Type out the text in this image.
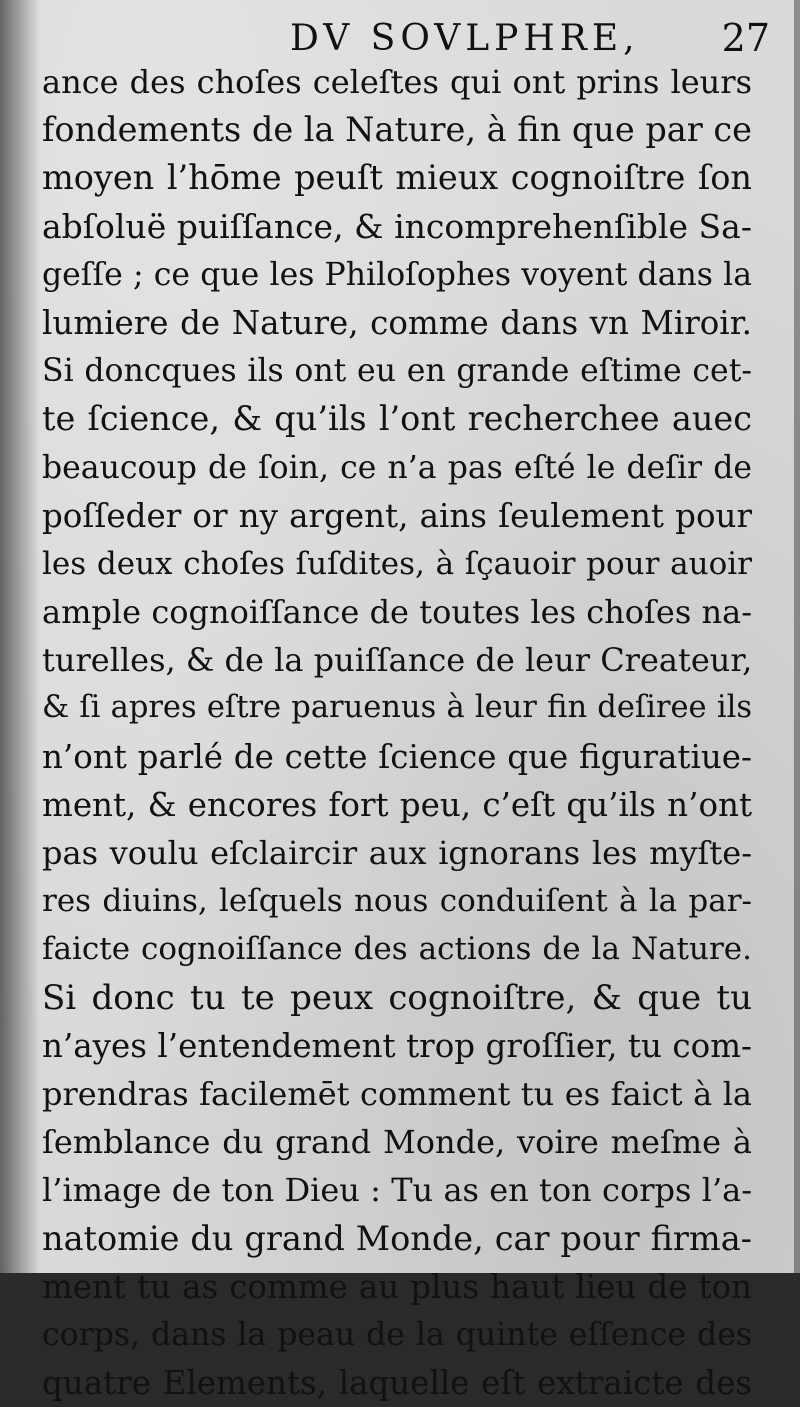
DV SOVLPHRE, 27
ance des choſes celeſtes qui ont prins leurs
fondements de la Nature, à fin que par ce
moyen l’hōme peuſt mieux cognoiſtre ſon
abſoluë puiſſance, & incomprehenſible Sa-
geſſe ; ce que les Philoſophes voyent dans la
lumiere de Nature, comme dans vn Miroir.
Si doncques ils ont eu en grande eſtime cet-
te ſcience, & qu’ils l’ont recherchee auec
beaucoup de ſoin, ce n’a pas eſté le deſir de
poſſeder or ny argent, ains ſeulement pour
les deux choſes ſuſdites, à ſçauoir pour auoir
ample cognoiſſance de toutes les choſes na-
turelles, & de la puiſſance de leur Createur,
& ſi apres eſtre paruenus à leur fin deſiree ils
n’ont parlé de cette ſcience que figuratiue-
ment, & encores fort peu, c’eſt qu’ils n’ont
pas voulu eſclaircir aux ignorans les myſte-
res diuins, leſquels nous conduiſent à la par-
faicte cognoiſſance des actions de la Nature.
Si donc tu te peux cognoiſtre, & que tu
n’ayes l’entendement trop groſſier, tu com-
prendras facilemēt comment tu es faict à la
ſemblance du grand Monde, voire meſme à
l’image de ton Dieu : Tu as en ton corps l’a-
natomie du grand Monde, car pour firma-
ment tu as comme au plus haut lieu de ton
corps, dans la peau de la quinte eſſence des
quatre Elements, laquelle eſt extraicte des
